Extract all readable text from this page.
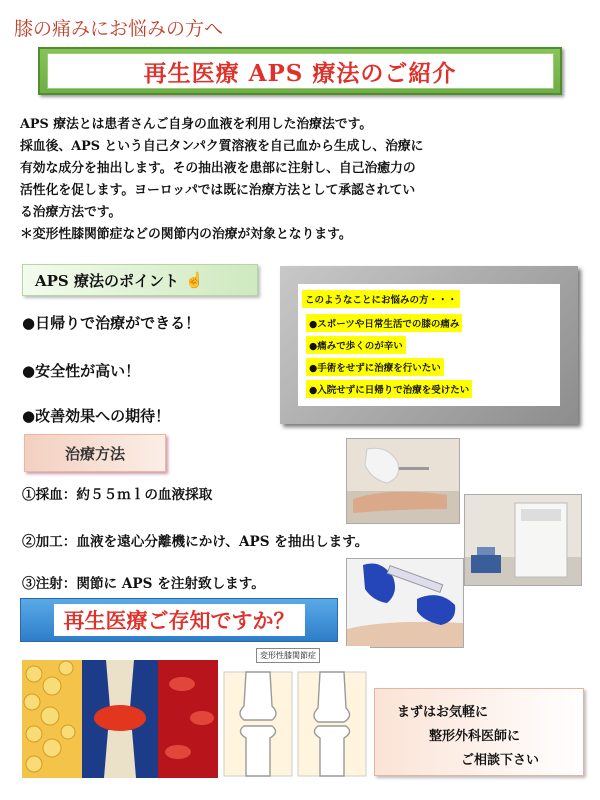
膝の痛みにお悩みの方へ
再生医療 APS 療法のご紹介

APS 療法とは患者さんご自身の血液を利用した治療法です。

採血後、APS という自己タンパク質溶液を自己血から生成し、治療に

有効な成分を抽出します。その抽出液を患部に注射し、自己治癒力の

活性化を促します。ヨーロッパでは既に治療方法として承認されてい

る治療方法です。

＊変形性膝関節症などの関節内の治療が対象となります。

APS 療法のポイント ☝
●日帰りで治療ができる！
●安全性が高い！
●改善効果への期待！
このようなことにお悩みの方・・・
●スポーツや日常生活での膝の痛み
●痛みで歩くのが辛い
●手術をせずに治療を行いたい
●入院せずに日帰りで治療を受けたい
治療方法
①採血：約５５ｍｌの血液採取
②加工：血液を遠心分離機にかけ、APS を抽出します。
③注射：関節に APS を注射致します。
再生医療ご存知ですか？
変形性膝関節症
まずはお気軽に
整形外科医師に
ご相談下さい
